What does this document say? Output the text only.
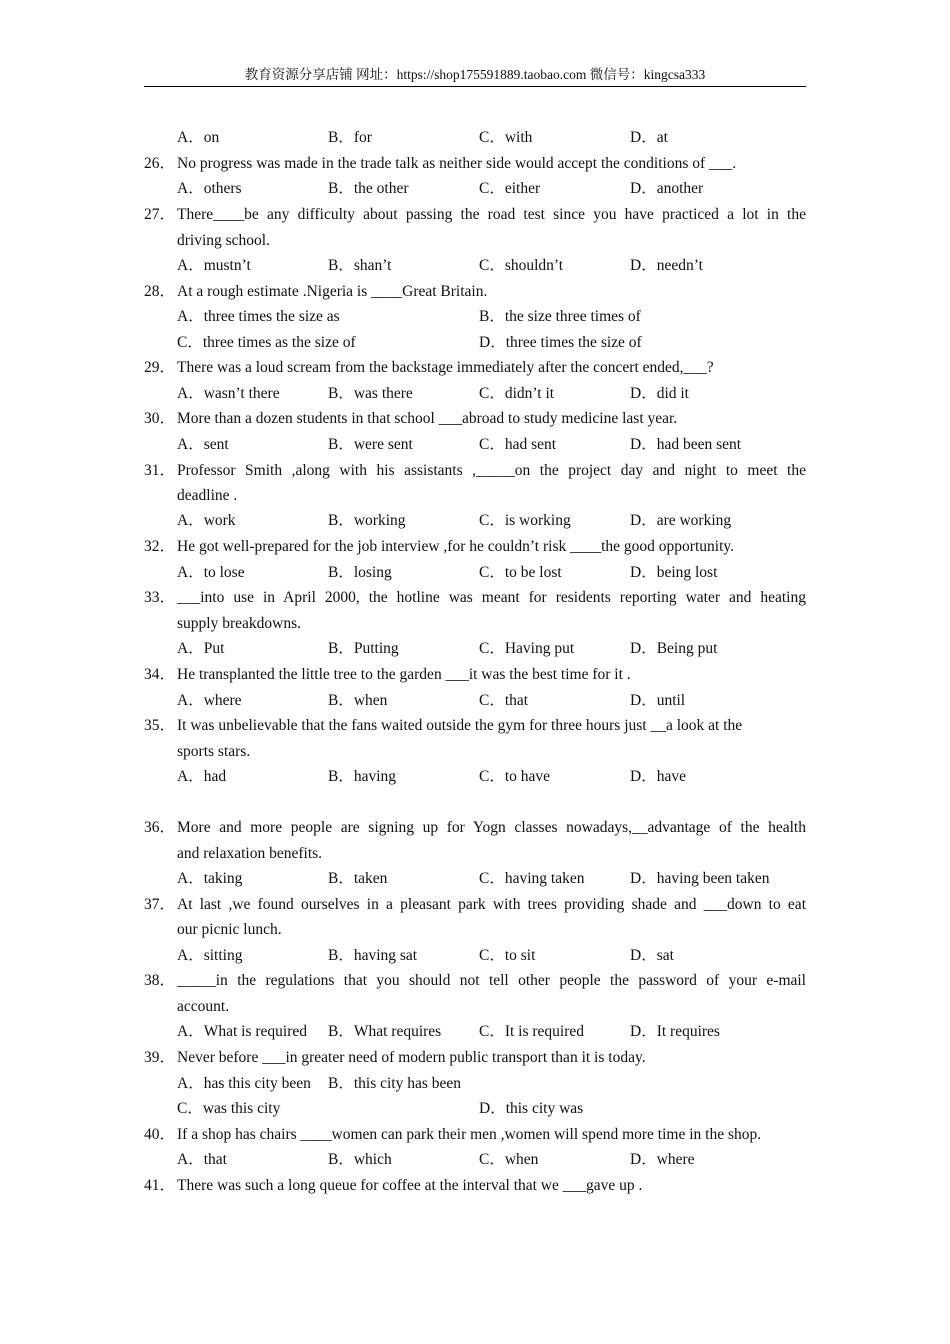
教育资源分享店铺 网址：https://shop175591889.taobao.com 微信号：kingcsa333
A．on	B．for	C．with	D．at
26． No progress was made in the trade talk as neither side would accept the conditions of ___.
A．others	B．the other	C．either	D．another
27． There____be any difficulty about passing the road test since you have practiced a lot in the
driving school.
A．mustn’t	B．shan’t	C．shouldn’t	D．needn’t
28． At a rough estimate .Nigeria is ____Great Britain.
A．three times the size as	B．the size three times of
C．three times as the size of	D．three times the size of
29． There was a loud scream from the backstage immediately after the concert ended,___?
A．wasn’t there	B．was there	C．didn’t it	D．did it
30． More than a dozen students in that school ___abroad to study medicine last year.
A．sent	B．were sent	C．had sent	D．had been sent
31． Professor Smith ,along with his assistants ,_____on the project day and night to meet the
deadline .
A．work	B．working	C．is working	D．are working
32． He got well-prepared for the job interview ,for he couldn’t risk ____the good opportunity.
A．to lose	B．losing	C．to be lost	D．being lost
33． ___into use in April 2000, the hotline was meant for residents reporting water and heating
supply breakdowns.
A．Put	B．Putting	C．Having put	D．Being put
34． He transplanted the little tree to the garden ___it was the best time for it .
A．where	B．when	C．that	D．until
35． It was unbelievable that the fans waited outside the gym for three hours just __a look at the
sports stars.
A．had	B．having	C．to have	D．have
36． More and more people are signing up for Yogn classes nowadays,__advantage of the health
and relaxation benefits.
A．taking	B．taken	C．having taken	D．having been taken
37． At last ,we found ourselves in a pleasant park with trees providing shade and ___down to eat
our picnic lunch.
A．sitting	B．having sat	C．to sit	D．sat
38． _____in the regulations that you should not tell other people the password of your e-mail
account.
A．What is required B．What requires C．It is required	D．It requires
39． Never before ___in greater need of modern public transport than it is today.
A．has this city been B．this city has been
C．was this city	D．this city was
40． If a shop has chairs ____women can park their men ,women will spend more time in the shop.
A．that	B．which	C．when	D．where
41． There was such a long queue for coffee at the interval that we ___gave up .
